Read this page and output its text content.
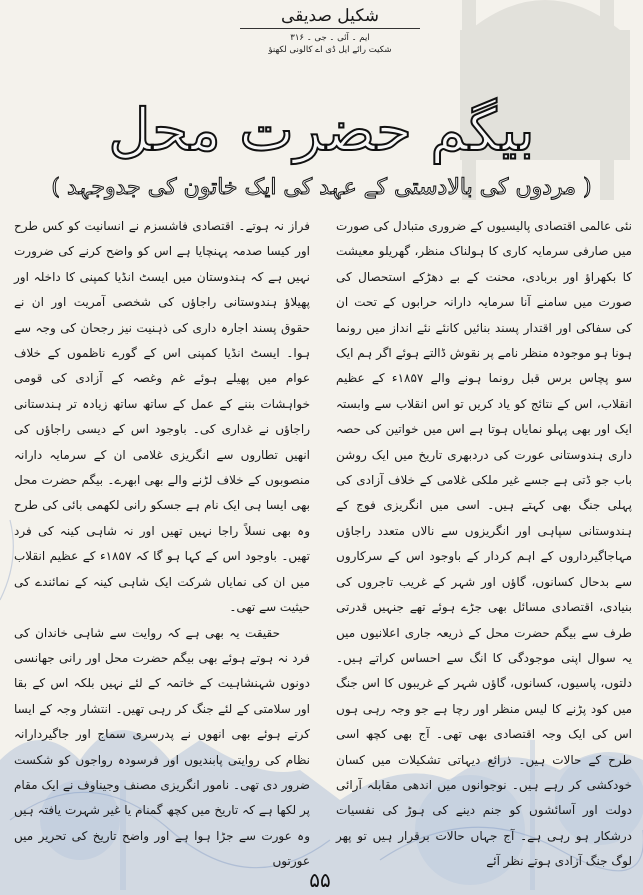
شکیل صدیقی
ایم ۔ آئی ۔ جی ۔ ۳۱۶
شکیت رائے ایل ڈی اے کالونی لکھنؤ
بیگم حضرت محل
( مردوں کی بالادستی کے عہد کی ایک خاتون کی جدوجہد )

نئی عالمی اقتصادی پالیسیوں کے ضروری متبادل کی صورت میں صارفی سرمایہ کاری کا ہولناک منظر، گھریلو معیشت کا بکھراؤ اور بربادی، محنت کے بے دھڑکے استحصال کی صورت میں سامنے آنا سرمایہ دارانہ حرابوں کے تحت ان کی سفاکی اور اقتدار پسند بنائیں کانئے نئے انداز میں رونما ہونا ہو موجودہ منظر نامے پر نقوش ڈالتے ہوئے اگر ہم ایک سو پچاس برس قبل رونما ہونے والے ۱۸۵۷ء کے عظیم انقلاب، اس کے نتائج کو یاد کریں تو اس انقلاب سے وابستہ ایک اور بھی پہلو نمایاں ہوتا ہے اس میں خواتین کی حصہ داری ہندوستانی عورت کی دردبھری تاریخ میں ایک روشن باب جو ڈتی ہے جسے غیر ملکی غلامی کے خلاف آزادی کی پہلی جنگ بھی کہتے ہیں۔ اسی میں انگریزی فوج کے ہندوستانی سپاہی اور انگریزوں سے نالاں متعدد راجاؤں مہاجاگیرداروں کے اہم کردار کے باوجود اس کے سرکاروں سے بدحال کسانوں، گاؤں اور شہر کے غریب تاجروں کی بنیادی، اقتصادی مسائل بھی جڑے ہوئے تھے جنہیں قدرتی طرف سے بیگم حضرت محل کے ذریعہ جاری اعلانیوں میں یہ سوال اپنی موجودگی کا انگ سے احساس کراتے ہیں۔ دلتوں، پاسیوں، کسانوں، گاؤں شہر کے غریبوں کا اس جنگ میں کود پڑنے کا لیس منظر اور رچا ہے جو وجہ رہی ہوں اس کی ایک وجہ اقتصادی بھی تھی۔ آج بھی کچھ اسی طرح کے حالات ہیں۔ ذرائع دیہاتی تشکیلات میں کسان خودکشی کر رہے ہیں۔ نوجوانوں میں اندھی مقابلہ آرائی دولت اور آسائشوں کو جنم دینے کی ہوڑ کی نفسیات درشکار ہو رہی ہے۔ آج جہاں حالات برقرار ہیں تو پھر لوگ جنگ آزادی ہوتے نظر آئے

فراز نہ ہوتے۔ اقتصادی فاشسزم نے انسانیت کو کس طرح اور کیسا صدمہ پہنچایا ہے اس کو واضح کرنے کی ضرورت نہیں ہے کہ ہندوستان میں ایسٹ انڈیا کمپنی کا داخلہ اور پھیلاؤ ہندوستانی راجاؤں کی شخصی آمریت اور ان نے حقوق پسند اجارہ داری کی ذہنیت نیز رجحان کی وجہ سے ہوا۔ ایسٹ انڈیا کمپنی اس کے گورے ناظموں کے خلاف عوام میں پھیلے ہوئے غم وغصہ کے آزادی کی قومی خواہشات بننے کے عمل کے ساتھ ساتھ زیادہ تر ہندستانی راجاؤں نے غداری کی۔ باوجود اس کے دیسی راجاؤں کی انھیں تطاروں سے انگریزی غلامی ان کے سرمایہ دارانہ منصوبوں کے خلاف لڑنے والے بھی ابھرے۔ بیگم حضرت محل بھی ایسا ہی ایک نام ہے جسکو رانی لکھمی بائی کی طرح وہ بھی نسلاً راجا نہیں تھیں اور نہ شاہی کینہ کی فرد تھیں۔ باوجود اس کے کہا ہو گا کہ ۱۸۵۷ء کے عظیم انقلاب میں ان کی نمایاں شرکت ایک شاہی کینہ کے نمائندے کی حیثیت سے تھی۔

حقیقت یہ بھی ہے کہ روایت سے شاہی خاندان کی فرد نہ ہوتے ہوئے بھی بیگم حضرت محل اور رانی جھانسی دونوں شہنشاہیت کے خاتمہ کے لئے نہیں بلکہ اس کے بقا اور سلامتی کے لئے جنگ کر رہی تھیں۔ انتشار وجہ کے ایسا کرتے ہوئے بھی انھوں نے پدرسری سماج اور جاگیردارانہ نظام کی روایتی پابندیوں اور فرسودہ رواجوں کو شکست ضرور دی تھی۔ نامور انگریزی مصنف وجیناوف نے ایک مقام پر لکھا ہے کہ تاریخ میں کچھ گمنام یا غیر شہرت یافتہ ہیں وہ عورت سے جڑا ہوا ہے اور واضح تاریخ کی تحریر میں عورتوں

۵۵
